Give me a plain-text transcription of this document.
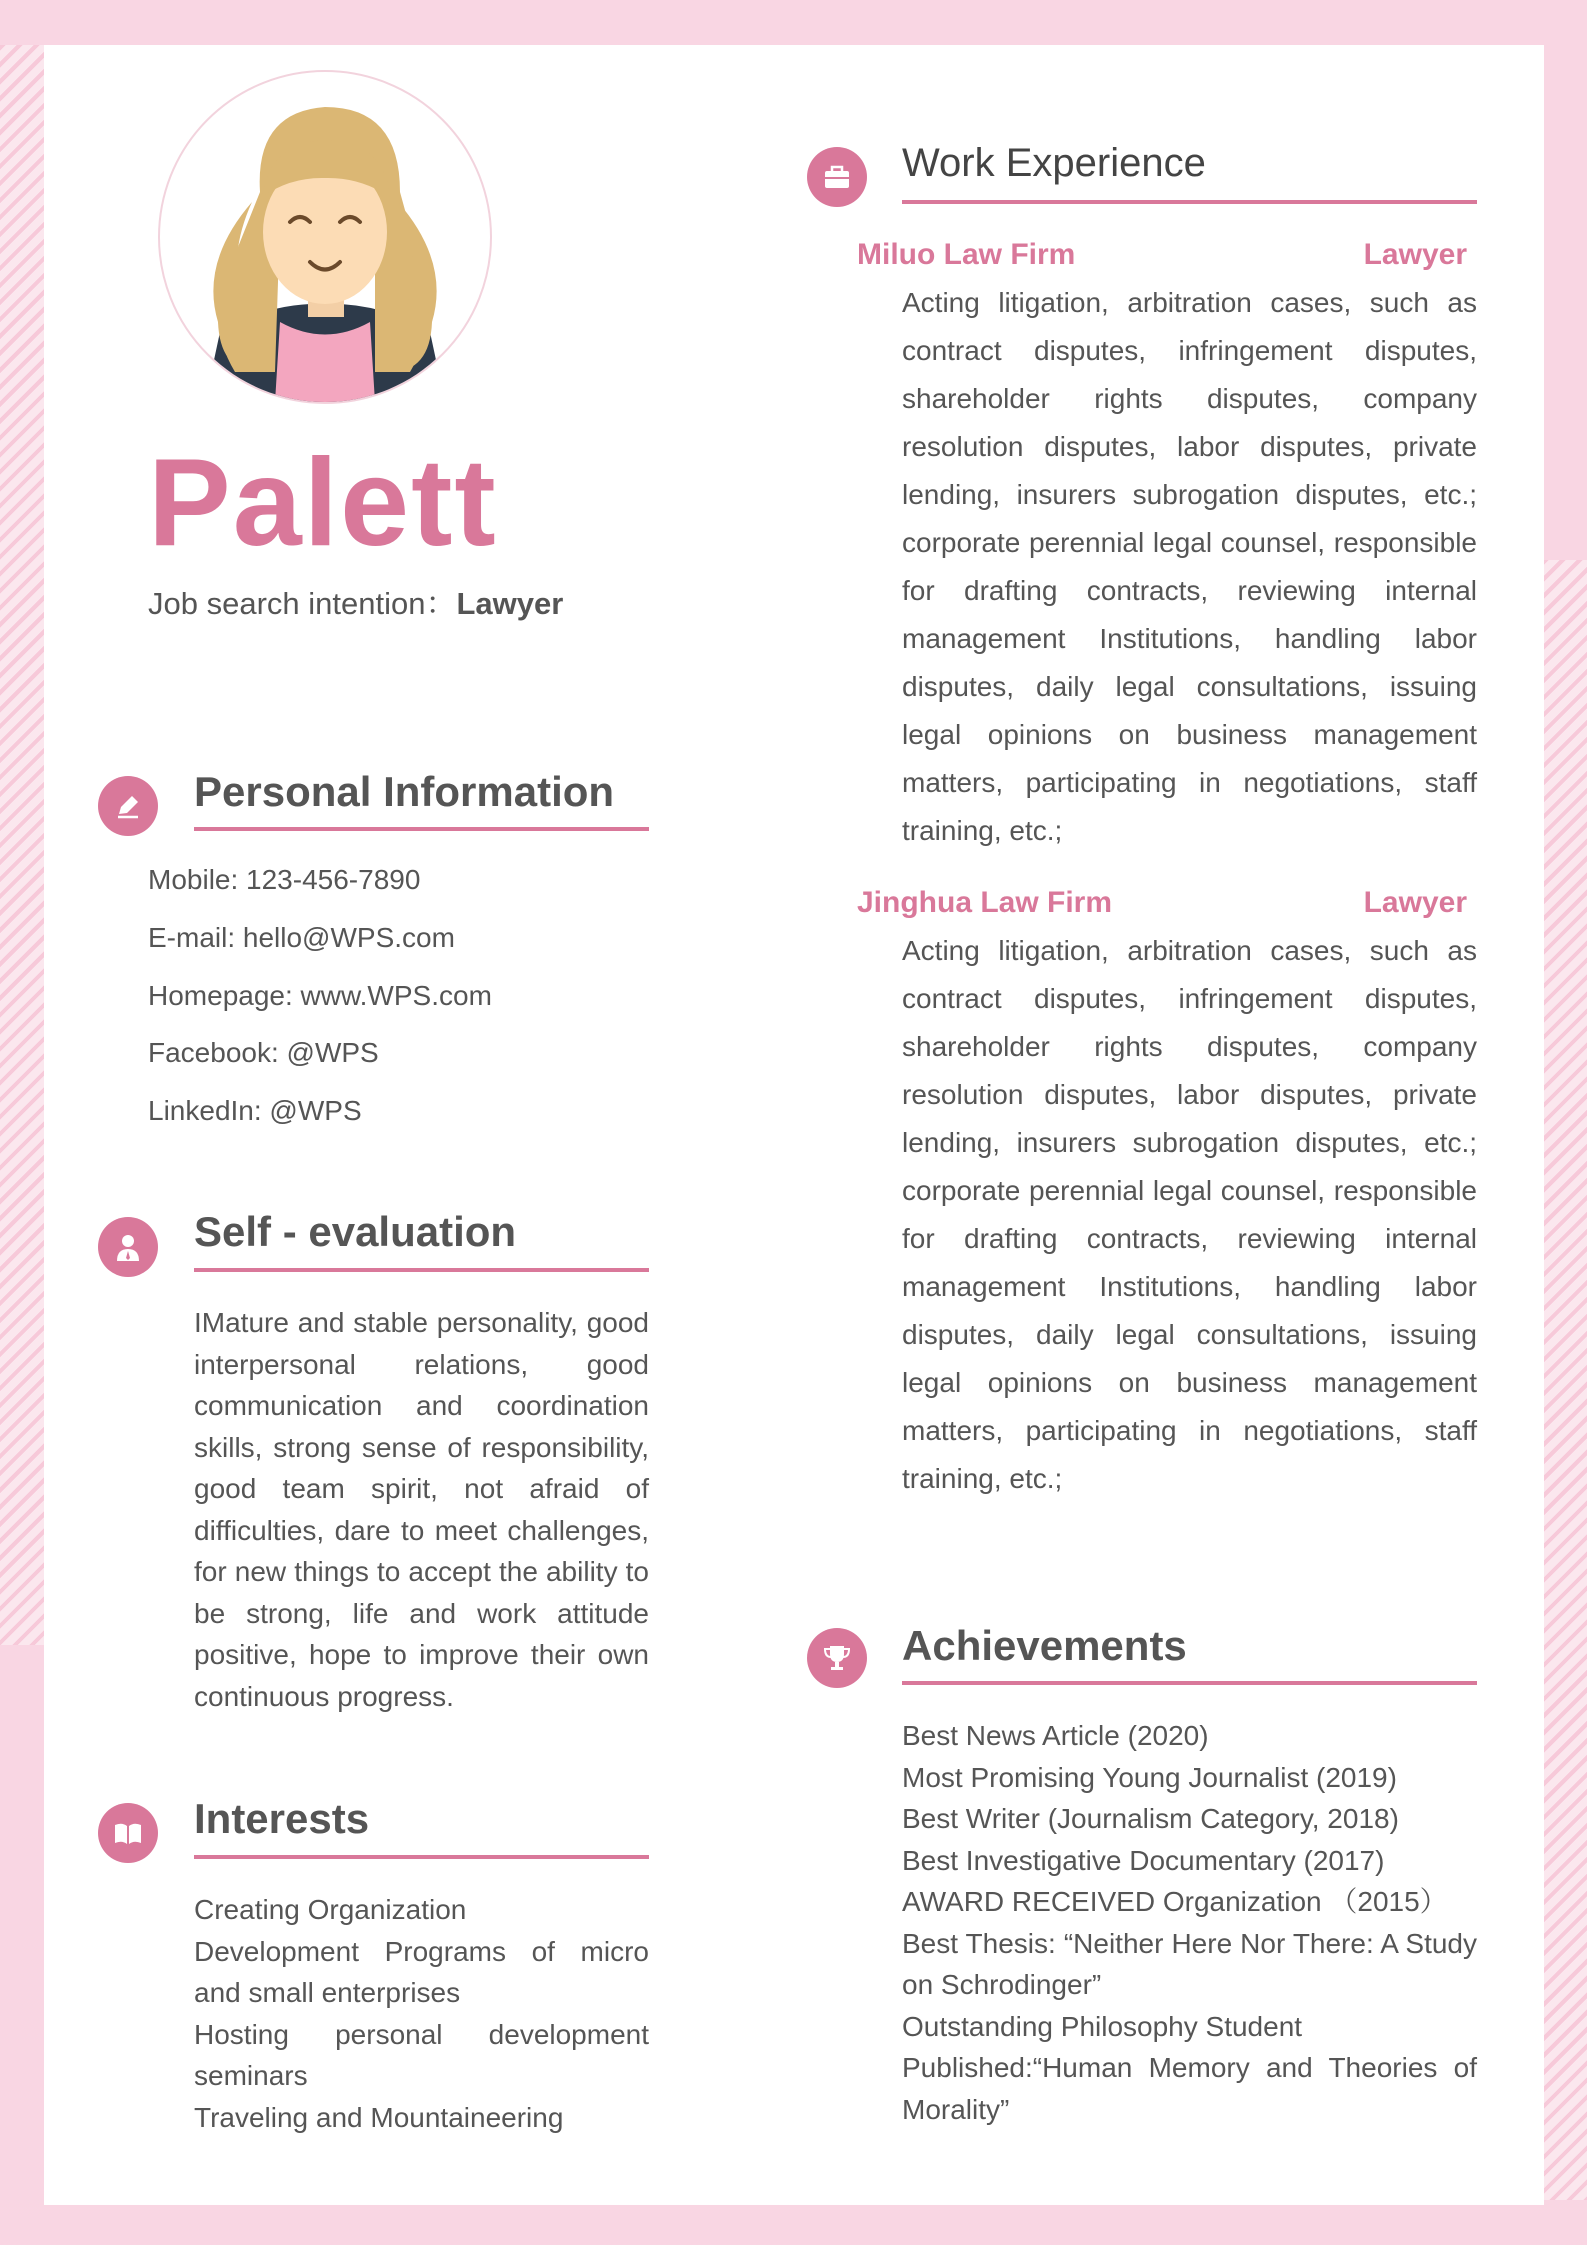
Palett
Job search intention：Lawyer
Personal Information
Mobile: 123-456-7890
E-mail: hello@WPS.com
Homepage: www.WPS.com
Facebook: @WPS
LinkedIn: @WPS
Self - evaluation
IMature and stable personality, good interpersonal relations, good communication and coordination skills, strong sense of responsibility, good team spirit, not afraid of difficulties, dare to meet challenges, for new things to accept the ability to be strong, life and work attitude positive, hope to improve their own continuous progress.
Interests
Creating Organization
Development Programs of micro and small enterprises
Hosting personal development seminars
Traveling and Mountaineering
Work Experience
Miluo Law Firm	Lawyer
Acting litigation, arbitration cases, such as contract disputes, infringement disputes, shareholder rights disputes, company resolution disputes, labor disputes, private lending, insurers subrogation disputes, etc.; corporate perennial legal counsel, responsible for drafting contracts, reviewing internal management Institutions, handling labor disputes, daily legal consultations, issuing legal opinions on business management matters, participating in negotiations, staff training, etc.;
Jinghua Law Firm	Lawyer
Acting litigation, arbitration cases, such as contract disputes, infringement disputes, shareholder rights disputes, company resolution disputes, labor disputes, private lending, insurers subrogation disputes, etc.; corporate perennial legal counsel, responsible for drafting contracts, reviewing internal management Institutions, handling labor disputes, daily legal consultations, issuing legal opinions on business management matters, participating in negotiations, staff training, etc.;
Achievements
Best News Article (2020)
Most Promising Young Journalist (2019)
Best Writer (Journalism Category, 2018)
Best Investigative Documentary (2017)
AWARD RECEIVED Organization （2015）
Best Thesis: “Neither Here Nor There: A Study on Schrodinger”
Outstanding Philosophy Student
Published:“Human Memory and Theories of Morality”
